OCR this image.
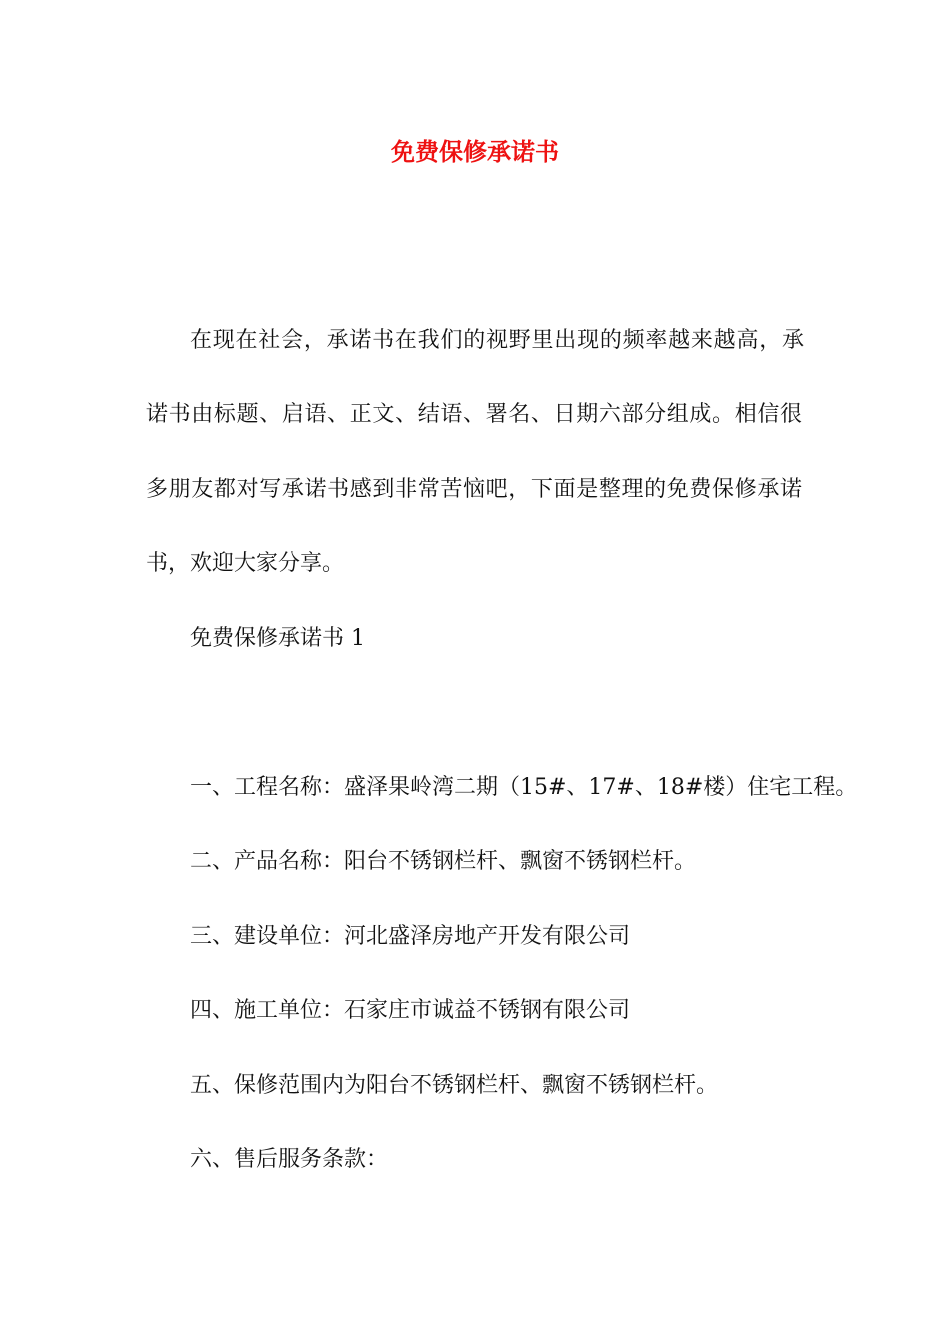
免费保修承诺书
在现在社会，承诺书在我们的视野里出现的频率越来越高，承
诺书由标题、启语、正文、结语、署名、日期六部分组成。相信很
多朋友都对写承诺书感到非常苦恼吧，下面是整理的免费保修承诺
书，欢迎大家分享。
免费保修承诺书 1
一、工程名称：盛泽果岭湾二期（15#、17#、18#楼）住宅工程。
二、产品名称：阳台不锈钢栏杆、飘窗不锈钢栏杆。
三、建设单位：河北盛泽房地产开发有限公司
四、施工单位：石家庄市诚益不锈钢有限公司
五、保修范围内为阳台不锈钢栏杆、飘窗不锈钢栏杆。
六、售后服务条款：
